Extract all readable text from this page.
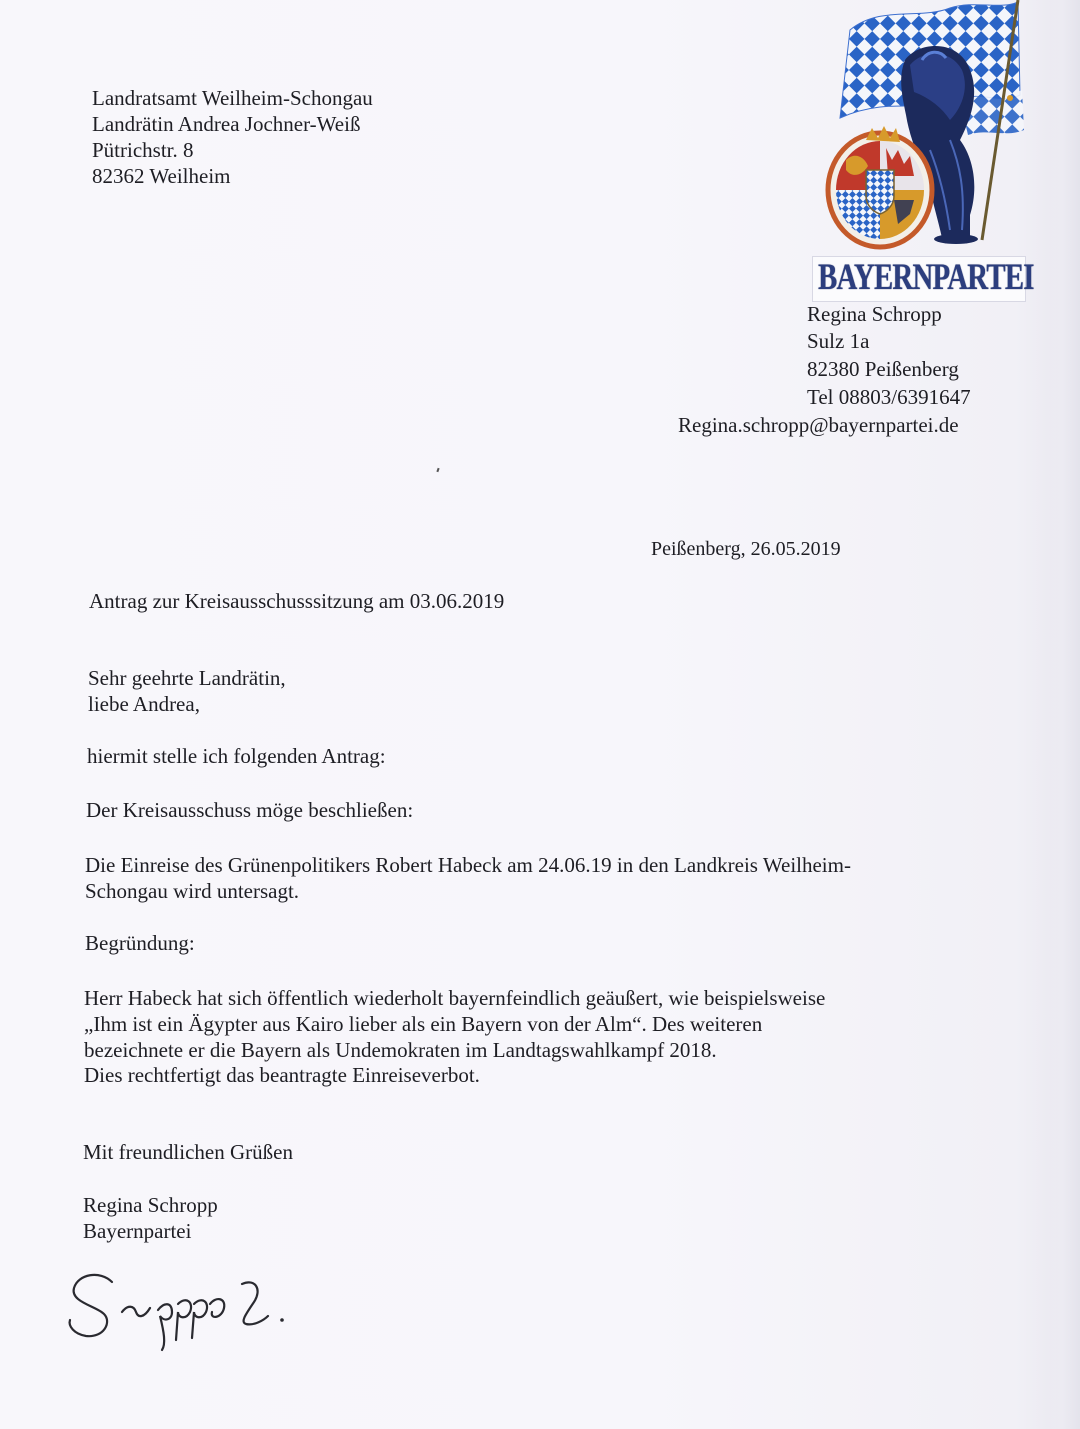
Landratsamt Weilheim-Schongau
Landrätin Andrea Jochner-Weiß
Pütrichstr. 8
82362 Weilheim
BAYERNPARTEI
Regina Schropp
Sulz 1a
82380 Peißenberg
Tel 08803/6391647
Regina.schropp@bayernpartei.de
Peißenberg, 26.05.2019
Antrag zur Kreisausschusssitzung am 03.06.2019
Sehr geehrte Landrätin,
liebe Andrea,
hiermit stelle ich folgenden Antrag:
Der Kreisausschuss möge beschließen:
Die Einreise des Grünenpolitikers Robert Habeck am 24.06.19 in den Landkreis Weilheim-
Schongau wird untersagt.
Begründung:
Herr Habeck hat sich öffentlich wiederholt bayernfeindlich geäußert, wie beispielsweise
„Ihm ist ein Ägypter aus Kairo lieber als ein Bayern von der Alm“. Des weiteren
bezeichnete er die Bayern als Undemokraten im Landtagswahlkampf 2018.
Dies rechtfertigt das beantragte Einreiseverbot.
Mit freundlichen Grüßen
Regina Schropp
Bayernpartei
